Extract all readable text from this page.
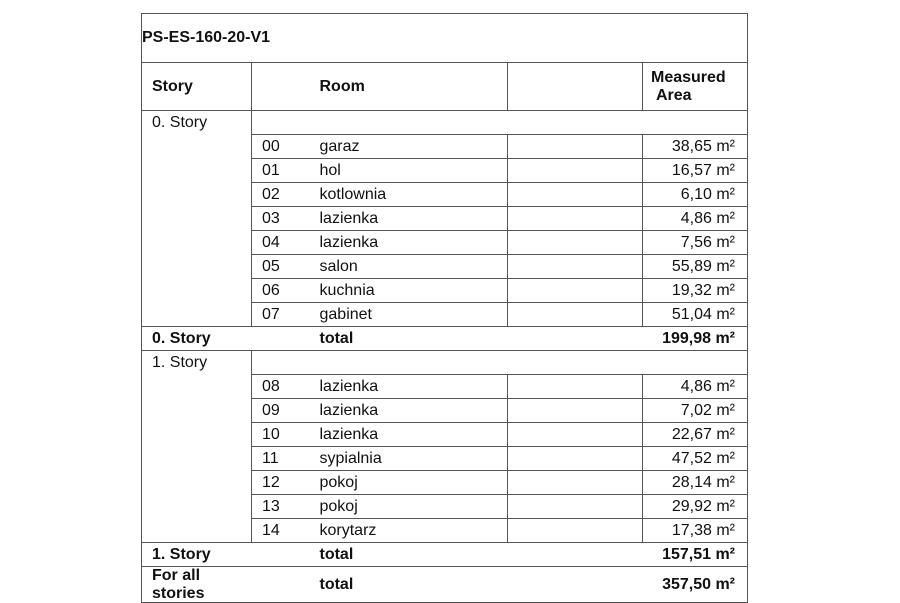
PS-ES-160-20-V1				
Story		Room		Measured
Area

0. Story				
	00	garaz		38,65 m²
	01	hol		16,57 m²
	02	kotlownia		6,10 m²
	03	lazienka		4,86 m²
	04	lazienka		7,56 m²
	05	salon		55,89 m²
	06	kuchnia		19,32 m²
	07	gabinet		51,04 m²
0. Story		total		199,98 m²
1. Story				
	08	lazienka		4,86 m²
	09	lazienka		7,02 m²
	10	lazienka		22,67 m²
	11	sypialnia		47,52 m²
	12	pokoj		28,14 m²
	13	pokoj		29,92 m²
	14	korytarz		17,38 m²
1. Story		total		157,51 m²
For all stories		total		357,50 m²
